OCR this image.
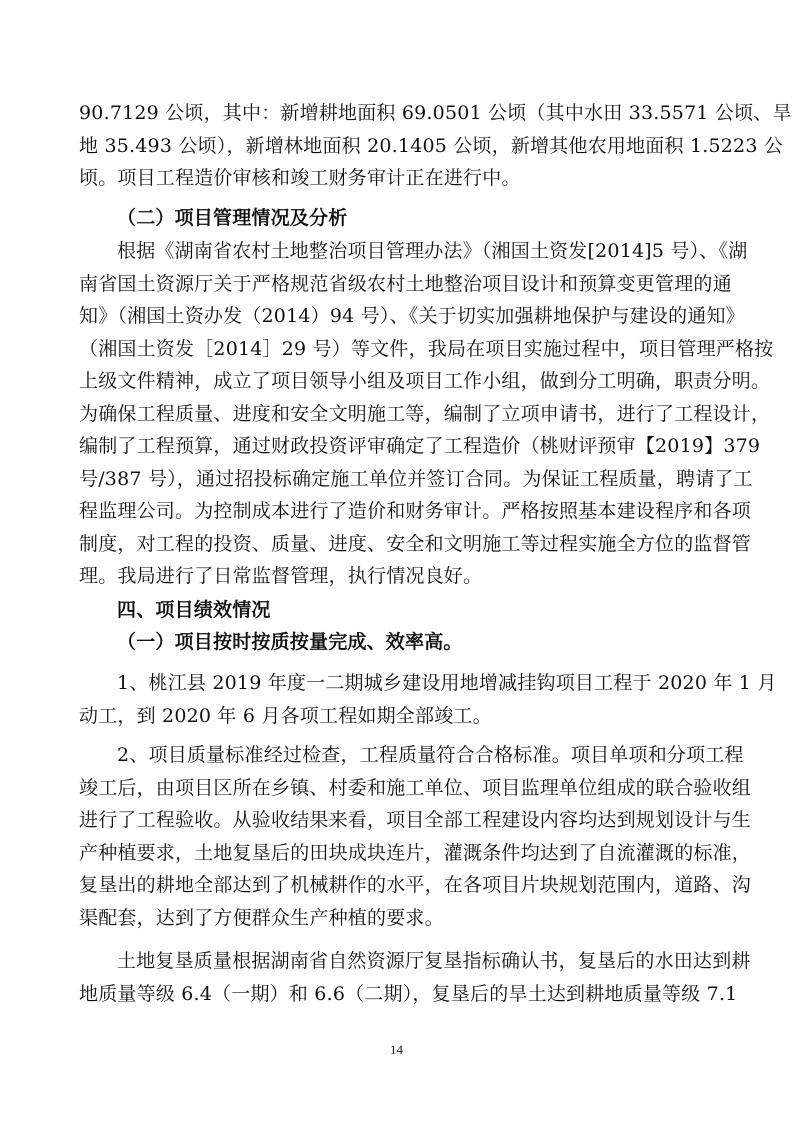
90.7129 公顷，其中：新增耕地面积 69.0501 公顷（其中水田 33.5571 公顷、旱
地 35.493 公顷），新增林地面积 20.1405 公顷，新增其他农用地面积 1.5223 公
顷。项目工程造价审核和竣工财务审计正在进行中。
（二）项目管理情况及分析
根据《湖南省农村土地整治项目管理办法》（湘国土资发[2014]5 号）、《湖
南省国土资源厅关于严格规范省级农村土地整治项目设计和预算变更管理的通
知》（湘国土资办发（2014）94 号）、《关于切实加强耕地保护与建设的通知》
（湘国土资发［2014］29 号）等文件，我局在项目实施过程中，项目管理严格按
上级文件精神，成立了项目领导小组及项目工作小组，做到分工明确，职责分明。
为确保工程质量、进度和安全文明施工等，编制了立项申请书，进行了工程设计，
编制了工程预算，通过财政投资评审确定了工程造价（桃财评预审【2019】379
号/387 号），通过招投标确定施工单位并签订合同。为保证工程质量，聘请了工
程监理公司。为控制成本进行了造价和财务审计。严格按照基本建设程序和各项
制度，对工程的投资、质量、进度、安全和文明施工等过程实施全方位的监督管
理。我局进行了日常监督管理，执行情况良好。
四、项目绩效情况
（一）项目按时按质按量完成、效率高。
1、桃江县 2019 年度一二期城乡建设用地增减挂钩项目工程于 2020 年 1 月
动工，到 2020 年 6 月各项工程如期全部竣工。
2、项目质量标准经过检查，工程质量符合合格标准。项目单项和分项工程
竣工后，由项目区所在乡镇、村委和施工单位、项目监理单位组成的联合验收组
进行了工程验收。从验收结果来看，项目全部工程建设内容均达到规划设计与生
产种植要求，土地复垦后的田块成块连片，灌溉条件均达到了自流灌溉的标准，
复垦出的耕地全部达到了机械耕作的水平，在各项目片块规划范围内，道路、沟
渠配套，达到了方便群众生产种植的要求。
土地复垦质量根据湖南省自然资源厅复垦指标确认书，复垦后的水田达到耕
地质量等级 6.4（一期）和 6.6（二期），复垦后的旱土达到耕地质量等级 7.1
14
